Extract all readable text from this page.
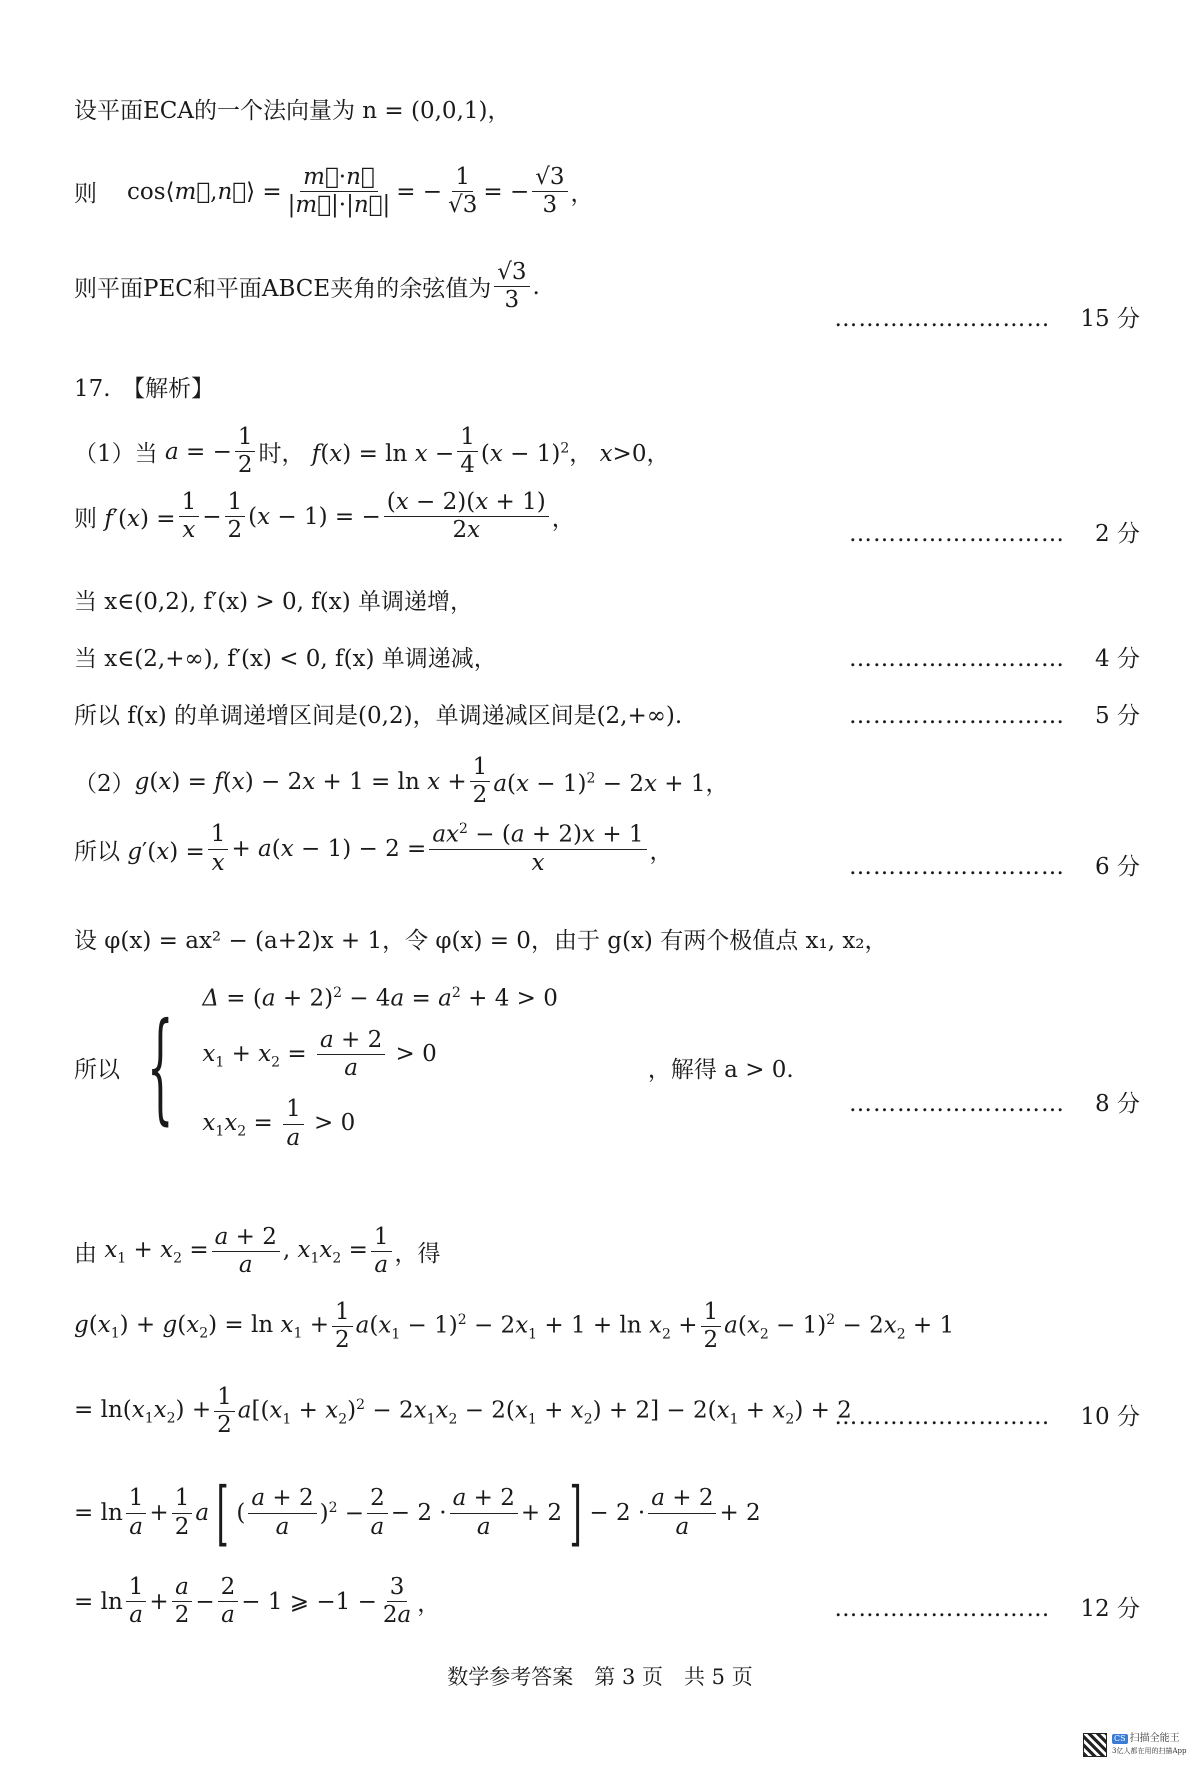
设平面ECA的一个法向量为 n = (0,0,1)，
则 cos⟨m⃗,n⃗⟩ = $\frac{m⃗\cdot n⃗}{|m⃗|\cdot|n⃗|}$ = − $\frac{1}{√3}$ = − $\frac{√3}{3}$ ，
则平面PEC和平面ABCE夹角的余弦值为 $\frac{√3}{3}$ .
……………………… 15 分
17.　【解析】
（1）当 a = − $\frac{1}{2}$ 时， $f(x) = \ln x - \frac{1}{4} (x - 1)^2$， x>0，
则 $f'(x) = \frac{1}{x} - \frac{1}{2} (x - 1)$ = − $\frac{(x - 2)(x + 1)}{2x}$ ，
……………………… 2 分
当 x∈(0,2), f′(x) > 0, f(x) 单调递增，
当 x∈(2,+∞), f′(x) < 0, f(x) 单调递减，	……………………… 4 分
所以 f(x) 的单调递增区间是(0,2)，单调递减区间是(2,+∞).	……………………… 5 分
（2） $g(x) = f(x) - 2x + 1 = \ln x + \frac{1}{2} a(x - 1)^2 - 2x + 1$，
所以 $g'(x) = \frac{1}{x} + a(x - 1) - 2 = \frac{ax^2 - (a + 2)x + 1}{x}$ ，
……………………… 6 分
设 φ(x) = ax² − (a+2)x + 1，令 φ(x) = 0，由于 g(x) 有两个极值点 x₁, x₂，
所以 { $\Delta = (a + 2)^2 - 4a = a^2 + 4 > 0$
$x_1 + x_2 = \frac{a + 2}{a} > 0$
$x_1x_2 = \frac{1}{a} > 0$
，解得 a > 0.
……………………… 8 分
由 $x_1 + x_2 = \frac{a + 2}{a}$ , $x_1x_2 = \frac{1}{a}$ ，得
$g(x_1) + g(x_2) = \ln x_1 + \frac{1}{2} a(x_1 - 1)^2 - 2x_1 + 1 + \ln x_2 + \frac{1}{2} a(x_2 - 1)^2 - 2x_2 + 1$
= $\ln(x_1x_2) + \frac{1}{2} a[(x_1 + x_2)^2 - 2x_1x_2 - 2(x_1 + x_2) + 2] - 2(x_1 + x_2) + 2$
……………………… 10 分
= $\ln \frac{1}{a} + \frac{1}{2}$ a [ ( $\frac{a + 2}{a} )^2 - \frac{2}{a} - 2 \cdot \frac{a + 2}{a} + 2$ ] − $2 \cdot \frac{a + 2}{a} + 2$
= $\ln \frac{1}{a} + \frac{a}{2} - \frac{2}{a} - 1$ ⩾ $-1 - \frac{3}{2a}$ ，	……………………… 12 分
数学参考答案　第 3 页　共 5 页
CS 扫描全能王
3亿人都在用的扫描App
